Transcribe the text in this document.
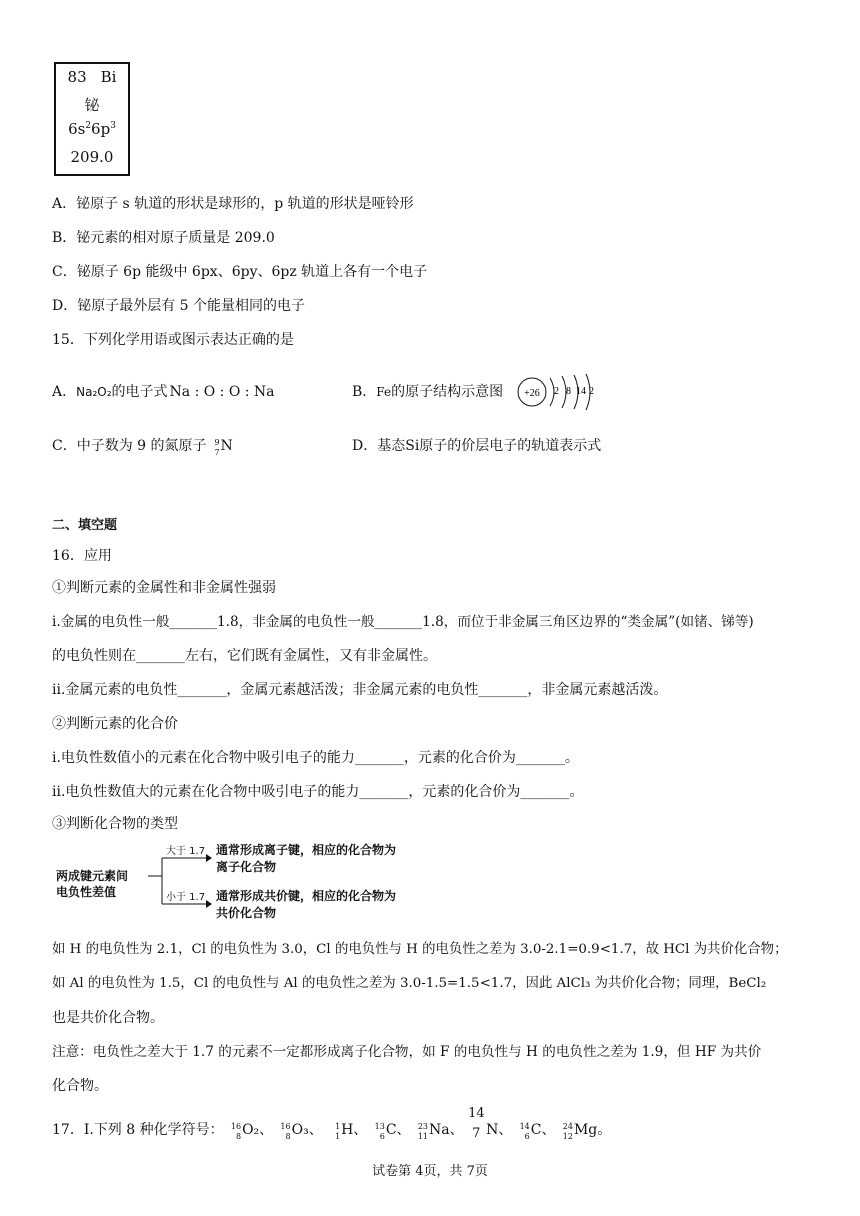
83 Bi
铋
$6s^26p^3$
209.0
A．铋原子 s 轨道的形状是球形的，p 轨道的形状是哑铃形
B．铋元素的相对原子质量是 209.0
C．铋原子 6p 能级中 6px、6py、6pz 轨道上各有一个电子
D．铋原子最外层有 5 个能量相同的电子
15．下列化学用语或图示表达正确的是
A．Na₂O₂的电子式 Na : O : O : Na	B．Fe的原子结构示意图 +26 2 8 14 2
C．中子数为 9 的氮原子 9
7 N	D．基态Si原子的价层电子的轨道表示式
二、填空题
16．应用
①判断元素的金属性和非金属性强弱
i.金属的电负性一般_______1.8，非金属的电负性一般_______1.8，而位于非金属三角区边界的“类金属”(如锗、锑等)
的电负性则在_______左右，它们既有金属性，又有非金属性。
ii.金属元素的电负性_______，金属元素越活泼；非金属元素的电负性_______，非金属元素越活泼。
②判断元素的化合价
i.电负性数值小的元素在化合物中吸引电子的能力_______，元素的化合价为_______。
ii.电负性数值大的元素在化合物中吸引电子的能力_______，元素的化合价为_______。
③判断化合物的类型
两成键元素间
电负性差值
大于 1.7
小于 1.7
通常形成离子键，相应的化合物为
离子化合物
通常形成共价键，相应的化合物为
共价化合物
如 H 的电负性为 2.1，Cl 的电负性为 3.0，Cl 的电负性与 H 的电负性之差为 3.0-2.1=0.9<1.7，故 HCl 为共价化合物；
如 Al 的电负性为 1.5，Cl 的电负性与 Al 的电负性之差为 3.0-1.5=1.5<1.7，因此 AlCl₃ 为共价化合物；同理，BeCl₂
也是共价化合物。
注意：电负性之差大于 1.7 的元素不一定都形成离子化合物，如 F 的电负性与 H 的电负性之差为 1.9，但 HF 为共价
化合物。
17．I.下列 8 种化学符号： 16
8 O₂、 16
8 O₃、 1
1 H、 13
6 C、 23
11 Na、
14
7 N、 14
6 C、 24
12 Mg。
试卷第 4页，共 7页
